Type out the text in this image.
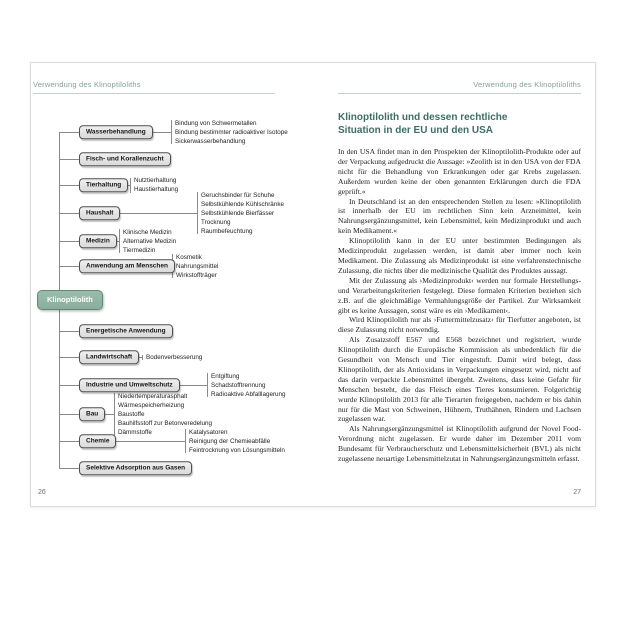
Verwendung des Klinoptiloliths
Wasserbehandlung
Bindung von Schwermetallen
Bindung bestimmter radioaktiver Isotope
Sickerwasserbehandlung
Fisch- und Korallenzucht
Tierhaltung
Nutztierhaltung
Haustierhaltung
Haushalt
Geruchsbinder für Schuhe
Selbstkühlende Kühlschränke
Selbstkühlende Bierfässer
Trocknung
Raumbefeuchtung
Medizin
Klinische Medizin
Alternative Medizin
Tiermedizin
Anwendung am Menschen
Kosmetik
Nahrungsmittel
Wirkstoffträger
Energetische Anwendung
Landwirtschaft	Bodenverbesserung
Industrie und Umweltschutz
Entgiftung
Schadstofftrennung
Radioaktive Abfalllagerung
Bau
Niedertemperaturasphalt
Wärmespeicherheizung
Baustoffe
Bauhilfsstoff zur Betonveredelung
Dämmstoffe
Chemie
Katalysatoren
Reinigung der Chemieabfälle
Feintrocknung von Lösungsmitteln
Selektive Adsorption aus Gasen
Klinoptilolith
26
Verwendung des Klinoptiloliths
Klinoptilolith und dessen rechtliche
Situation in der EU und den USA

In den USA findet man in den Prospekten der Klinoptilolith-Produkte oder auf der Verpackung aufgedruckt die Aussage: »Zeolith ist in den USA von der FDA nicht für die Behandlung von Erkrankungen oder gar Krebs zugelassen. Außerdem wurden keine der oben genannten Erklärungen durch die FDA geprüft.«

In Deutschland ist an den entsprechenden Stellen zu lesen: »Klinoptilolith ist innerhalb der EU im rechtlichen Sinn kein Arzneimittel, kein Nahrungsergänzungsmittel, kein Lebensmittel, kein Medizinprodukt und auch kein Medikament.«

Klinoptilolith kann in der EU unter bestimmten Bedingungen als Medizinprodukt zugelassen werden, ist damit aber immer noch kein Medikament. Die Zulassung als Medizinprodukt ist eine verfahrenstechnische Zulassung, die nichts über die medizinische Qualität des Produktes aussagt.

Mit der Zulassung als ›Medizinprodukt‹ werden nur formale Herstellungs- und Verarbeitungskriterien festgelegt. Diese formalen Kriterien beziehen sich z.B. auf die gleichmäßige Vermahlungsgröße der Partikel. Zur Wirksamkeit gibt es keine Aussagen, sonst wäre es ein ›Medikament‹.

Wird Klinoptilolith nur als ›Futtermittelzusatz‹ für Tierfutter angeboten, ist diese Zulassung nicht notwendig.

Als Zusatzstoff E567 und E568 bezeichnet und registriert, wurde Klinoptilolith durch die Europäische Kommission als unbedenklich für die Gesundheit von Mensch und Tier eingestuft. Damit wird belegt, dass Klinoptilolith, der als Antioxidans in Verpackungen eingesetzt wird, nicht auf das darin verpackte Lebensmittel übergeht. Zweitens, dass keine Gefahr für Menschen besteht, die das Fleisch eines Tieres konsumieren. Folgerichtig wurde Klinoptilolith 2013 für alle Tierarten freigegeben, nachdem er bis dahin nur für die Mast von Schweinen, Hühnern, Truthähnen, Rindern und Lachsen zugelassen war.

Als Nahrungsergänzungsmittel ist Klinoptilolith aufgrund der Novel Food-Verordnung nicht zugelassen. Er wurde daher im Dezember 2011 vom Bundesamt für Verbraucherschutz und Lebensmittelsicherheit (BVL) als nicht zugelassene neuartige Lebensmittelzutat in Nahrungsergänzungsmitteln erfasst.

27
